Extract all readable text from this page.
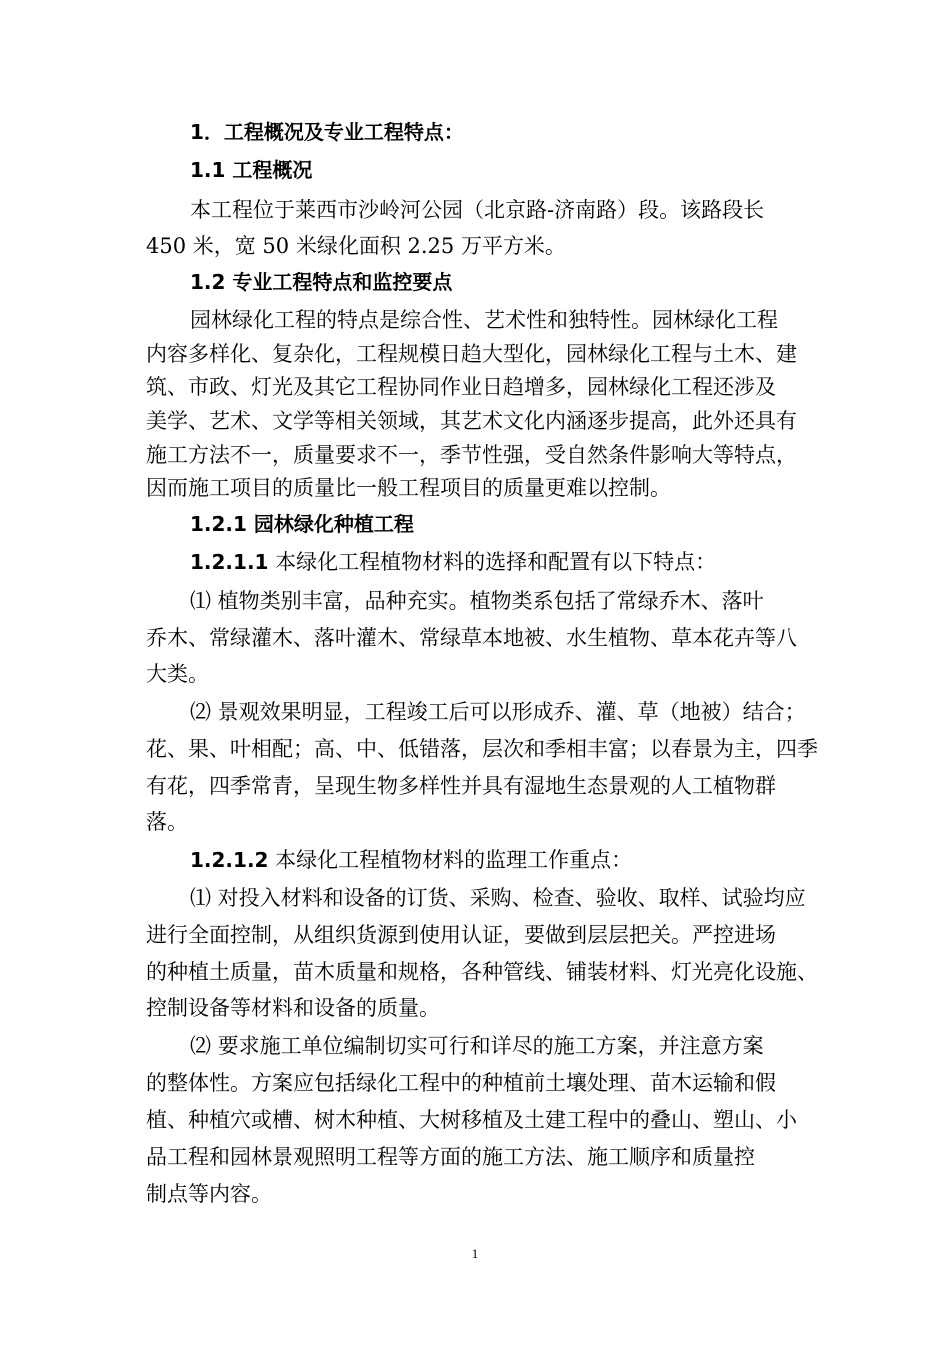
1．工程概况及专业工程特点：
1.1 工程概况
本工程位于莱西市沙岭河公园（北京路-济南路）段。该路段长
450 米，宽 50 米绿化面积 2.25 万平方米。
1.2 专业工程特点和监控要点
园林绿化工程的特点是综合性、艺术性和独特性。园林绿化工程
内容多样化、复杂化，工程规模日趋大型化，园林绿化工程与土木、建
筑、市政、灯光及其它工程协同作业日趋增多，园林绿化工程还涉及
美学、艺术、文学等相关领域，其艺术文化内涵逐步提高，此外还具有
施工方法不一，质量要求不一，季节性强，受自然条件影响大等特点，
因而施工项目的质量比一般工程项目的质量更难以控制。
1.2.1 园林绿化种植工程
1.2.1.1 本绿化工程植物材料的选择和配置有以下特点：
⑴ 植物类别丰富，品种充实。植物类系包括了常绿乔木、落叶
乔木、常绿灌木、落叶灌木、常绿草本地被、水生植物、草本花卉等八
大类。
⑵ 景观效果明显，工程竣工后可以形成乔、灌、草（地被）结合；
花、果、叶相配；高、中、低错落，层次和季相丰富；以春景为主，四季
有花，四季常青，呈现生物多样性并具有湿地生态景观的人工植物群
落。
1.2.1.2 本绿化工程植物材料的监理工作重点：
⑴ 对投入材料和设备的订货、采购、检查、验收、取样、试验均应
进行全面控制，从组织货源到使用认证，要做到层层把关。严控进场
的种植土质量，苗木质量和规格，各种管线、铺装材料、灯光亮化设施、
控制设备等材料和设备的质量。
⑵ 要求施工单位编制切实可行和详尽的施工方案，并注意方案
的整体性。方案应包括绿化工程中的种植前土壤处理、苗木运输和假
植、种植穴或槽、树木种植、大树移植及土建工程中的叠山、塑山、小
品工程和园林景观照明工程等方面的施工方法、施工顺序和质量控
制点等内容。
1
